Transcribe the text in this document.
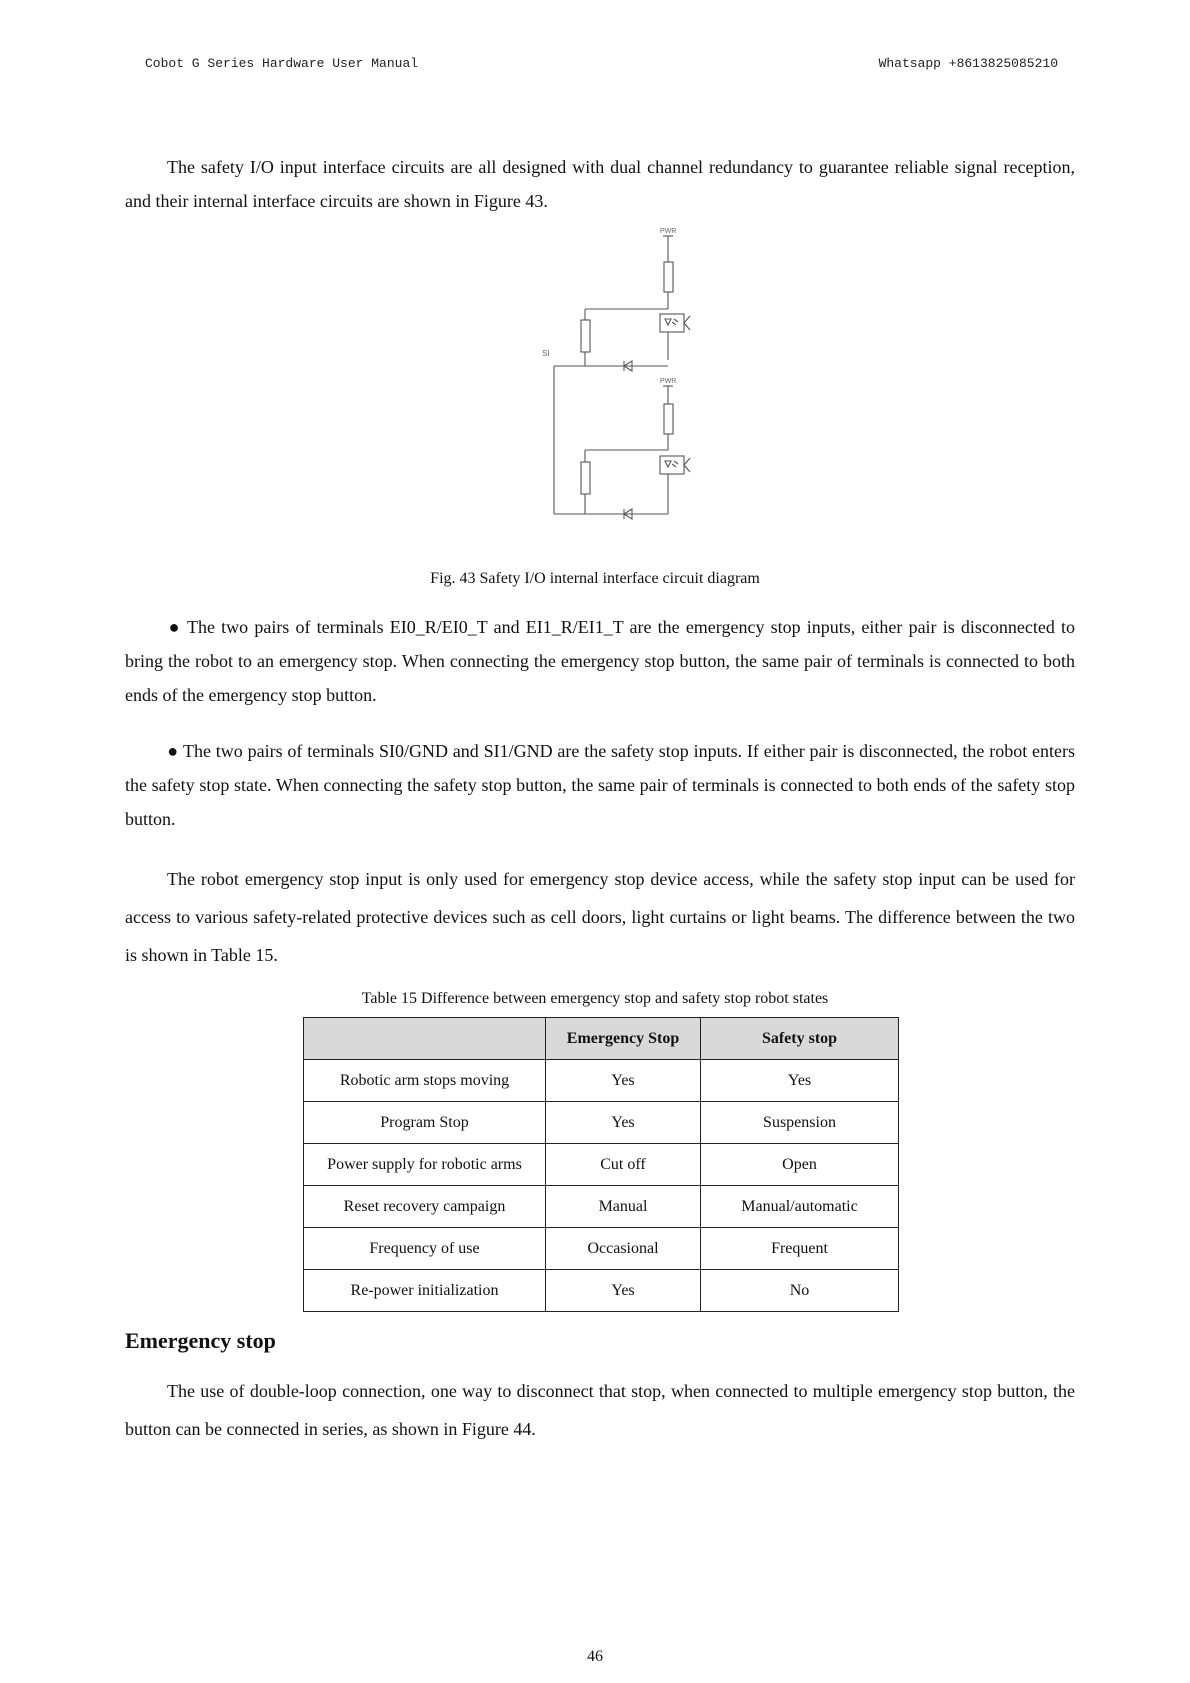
Cobot G Series Hardware User Manual	Whatsapp +8613825085210

The safety I/O input interface circuits are all designed with dual channel redundancy to guarantee reliable signal reception, and their internal interface circuits are shown in Figure 43.

PWR
PWR
SI
Fig. 43 Safety I/O internal interface circuit diagram

● The two pairs of terminals EI0_R/EI0_T and EI1_R/EI1_T are the emergency stop inputs, either pair is disconnected to bring the robot to an emergency stop. When connecting the emergency stop button, the same pair of terminals is connected to both ends of the emergency stop button.

● The two pairs of terminals SI0/GND and SI1/GND are the safety stop inputs. If either pair is disconnected, the robot enters the safety stop state. When connecting the safety stop button, the same pair of terminals is connected to both ends of the safety stop button.

The robot emergency stop input is only used for emergency stop device access, while the safety stop input can be used for access to various safety-related protective devices such as cell doors, light curtains or light beams. The difference between the two is shown in Table 15.

Table 15 Difference between emergency stop and safety stop robot states
	Emergency Stop	Safety stop
Robotic arm stops moving	Yes	Yes
Program Stop	Yes	Suspension
Power supply for robotic arms	Cut off	Open
Reset recovery campaign	Manual	Manual/automatic
Frequency of use	Occasional	Frequent
Re-power initialization	Yes	No
Emergency stop

The use of double-loop connection, one way to disconnect that stop, when connected to multiple emergency stop button, the button can be connected in series, as shown in Figure 44.

46
